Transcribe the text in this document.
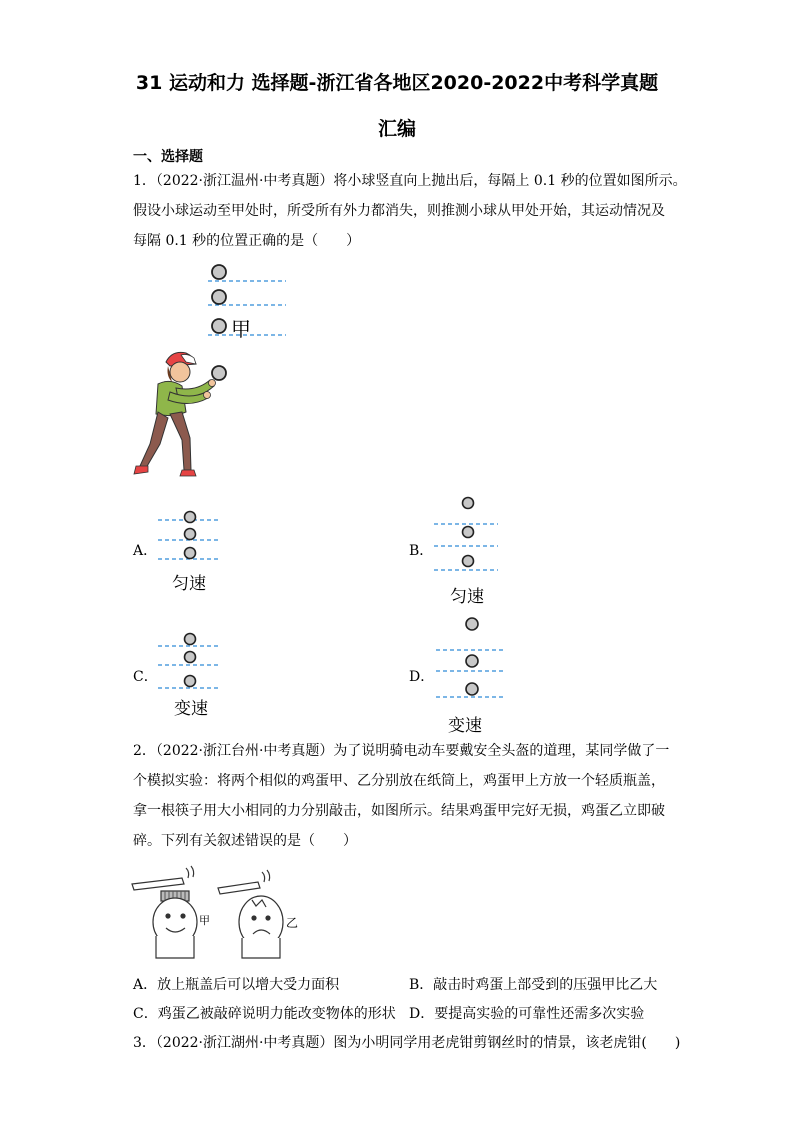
31 运动和力 选择题-浙江省各地区2020-2022中考科学真题
汇编
一、选择题
1．（2022·浙江温州·中考真题）将小球竖直向上抛出后，每隔上 0.1 秒的位置如图所示。
假设小球运动至甲处时，所受所有外力都消失，则推测小球从甲处开始，其运动情况及
每隔 0.1 秒的位置正确的是（　　）
甲
A．
匀速
B．
匀速
C．
变速
D．
变速
2．（2022·浙江台州·中考真题）为了说明骑电动车要戴安全头盔的道理，某同学做了一
个模拟实验：将两个相似的鸡蛋甲、乙分别放在纸筒上，鸡蛋甲上方放一个轻质瓶盖，
拿一根筷子用大小相同的力分别敲击，如图所示。结果鸡蛋甲完好无损，鸡蛋乙立即破
碎。下列有关叙述错误的是（　　）
甲	乙
A．放上瓶盖后可以增大受力面积	B．敲击时鸡蛋上部受到的压强甲比乙大
C．鸡蛋乙被敲碎说明力能改变物体的形状 D．要提高实验的可靠性还需多次实验
3．（2022·浙江湖州·中考真题）图为小明同学用老虎钳剪钢丝时的情景，该老虎钳(　　)
